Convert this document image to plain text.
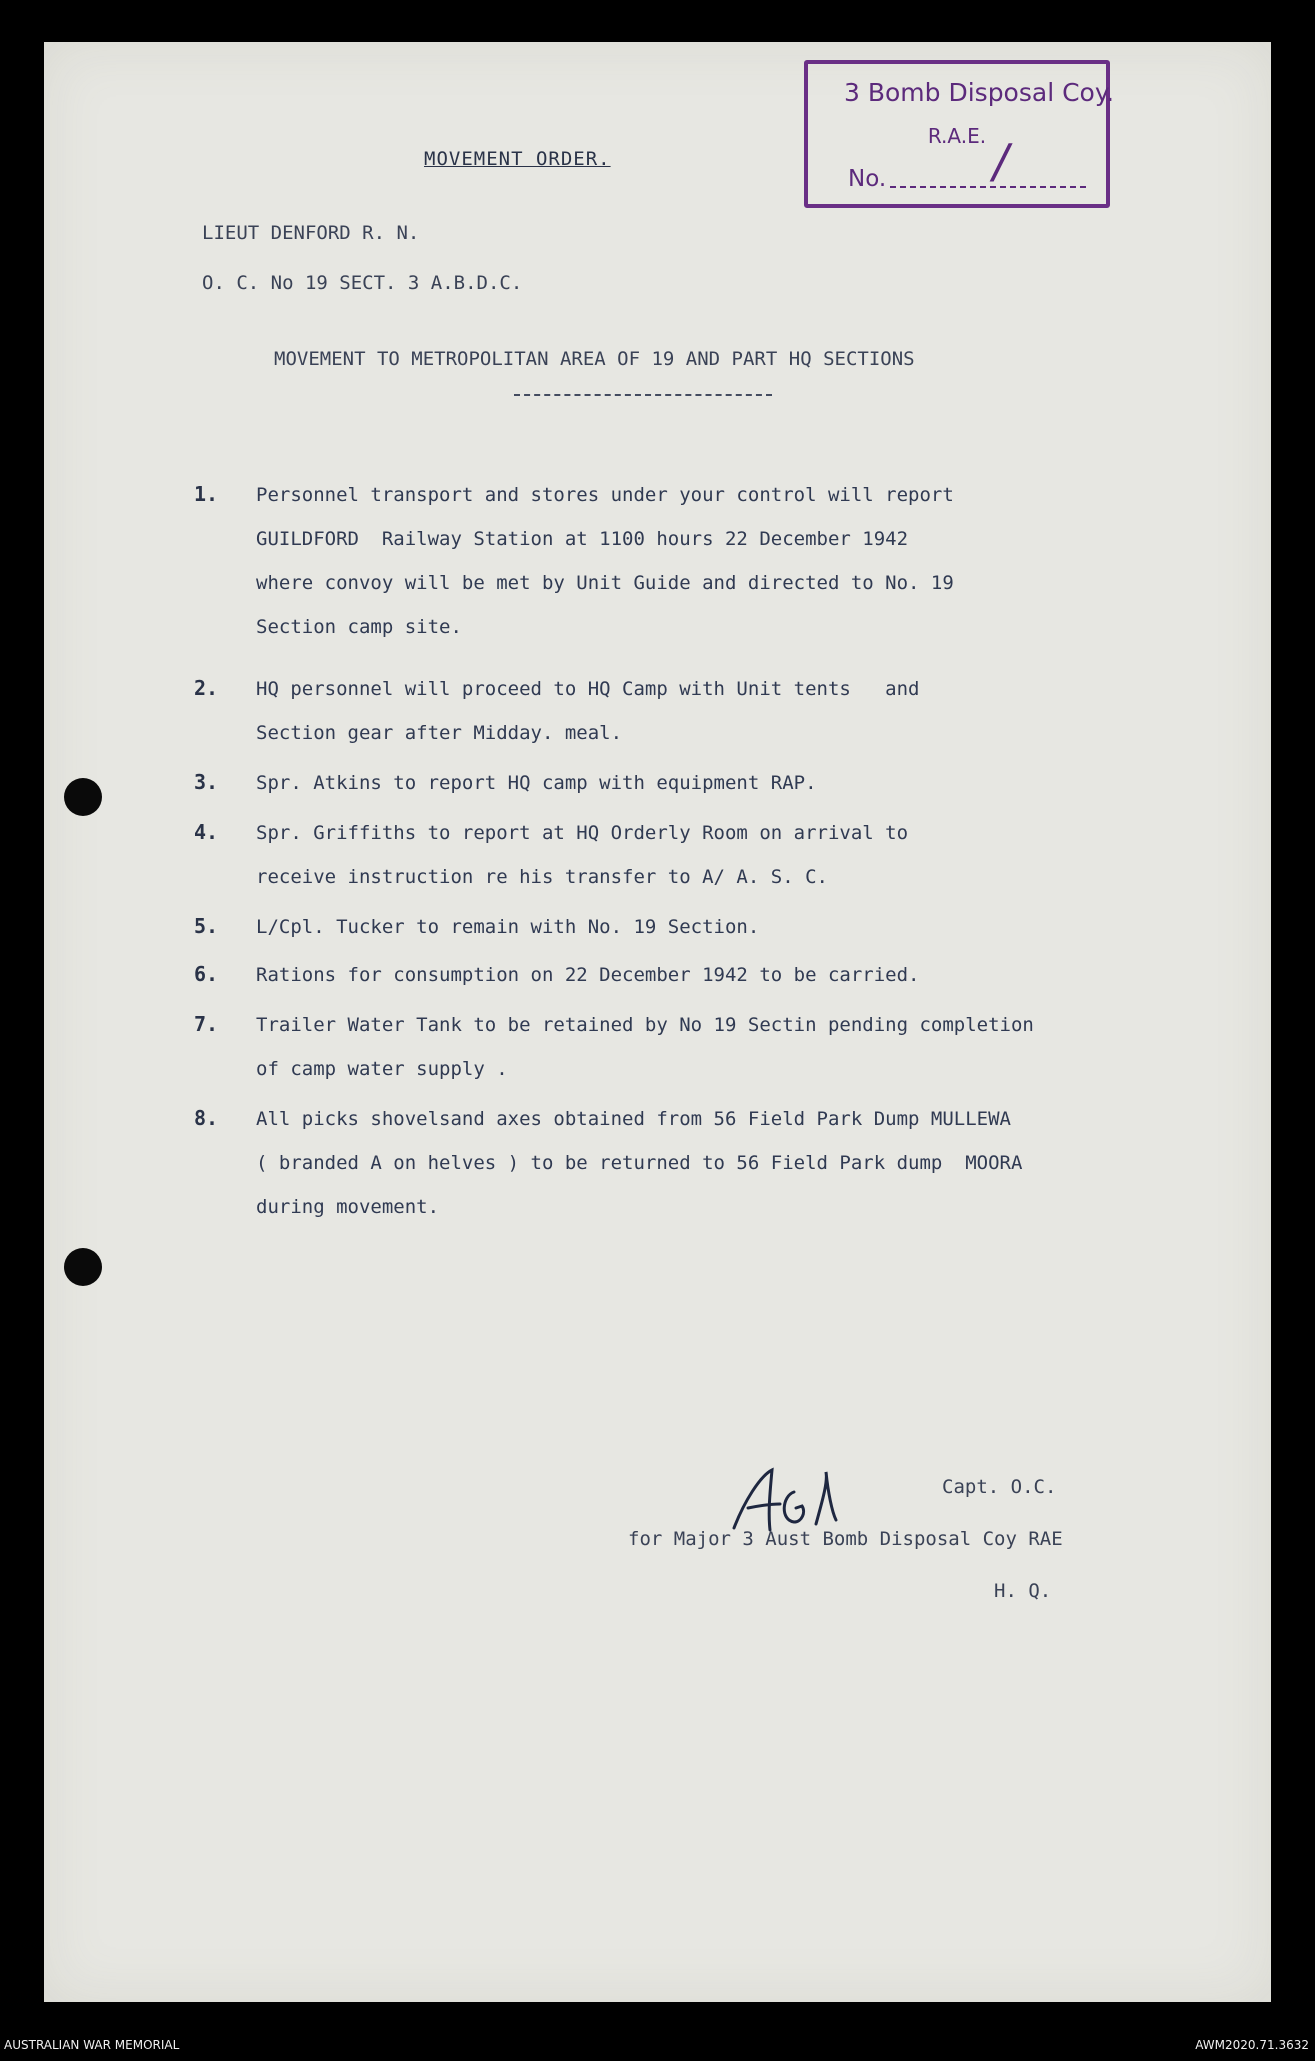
3 Bomb Disposal Coy.
R.A.E.
No. /
MOVEMENT ORDER.
LIEUT DENFORD R. N.
O. C. No 19 SECT. 3 A.B.D.C.
MOVEMENT TO METROPOLITAN AREA OF 19 AND PART HQ SECTIONS
1. Personnel transport and stores under your control will report
GUILDFORD  Railway Station at 1100 hours 22 December 1942
where convoy will be met by Unit Guide and directed to No. 19
Section camp site.
2. HQ personnel will proceed to HQ Camp with Unit tents   and
Section gear after Midday. meal.
3. Spr. Atkins to report HQ camp with equipment RAP.
4. Spr. Griffiths to report at HQ Orderly Room on arrival to
receive instruction re his transfer to A/ A. S. C.
5. L/Cpl. Tucker to remain with No. 19 Section.
6. Rations for consumption on 22 December 1942 to be carried.
7. Trailer Water Tank to be retained by No 19 Sectin pending completion
of camp water supply .
8. All picks shovelsand axes obtained from 56 Field Park Dump MULLEWA
( branded A on helves ) to be returned to 56 Field Park dump  MOORA
during movement.
Capt. O.C.
for Major 3 Aust Bomb Disposal Coy RAE
H. Q.
AUSTRALIAN WAR MEMORIAL	AWM2020.71.3632
